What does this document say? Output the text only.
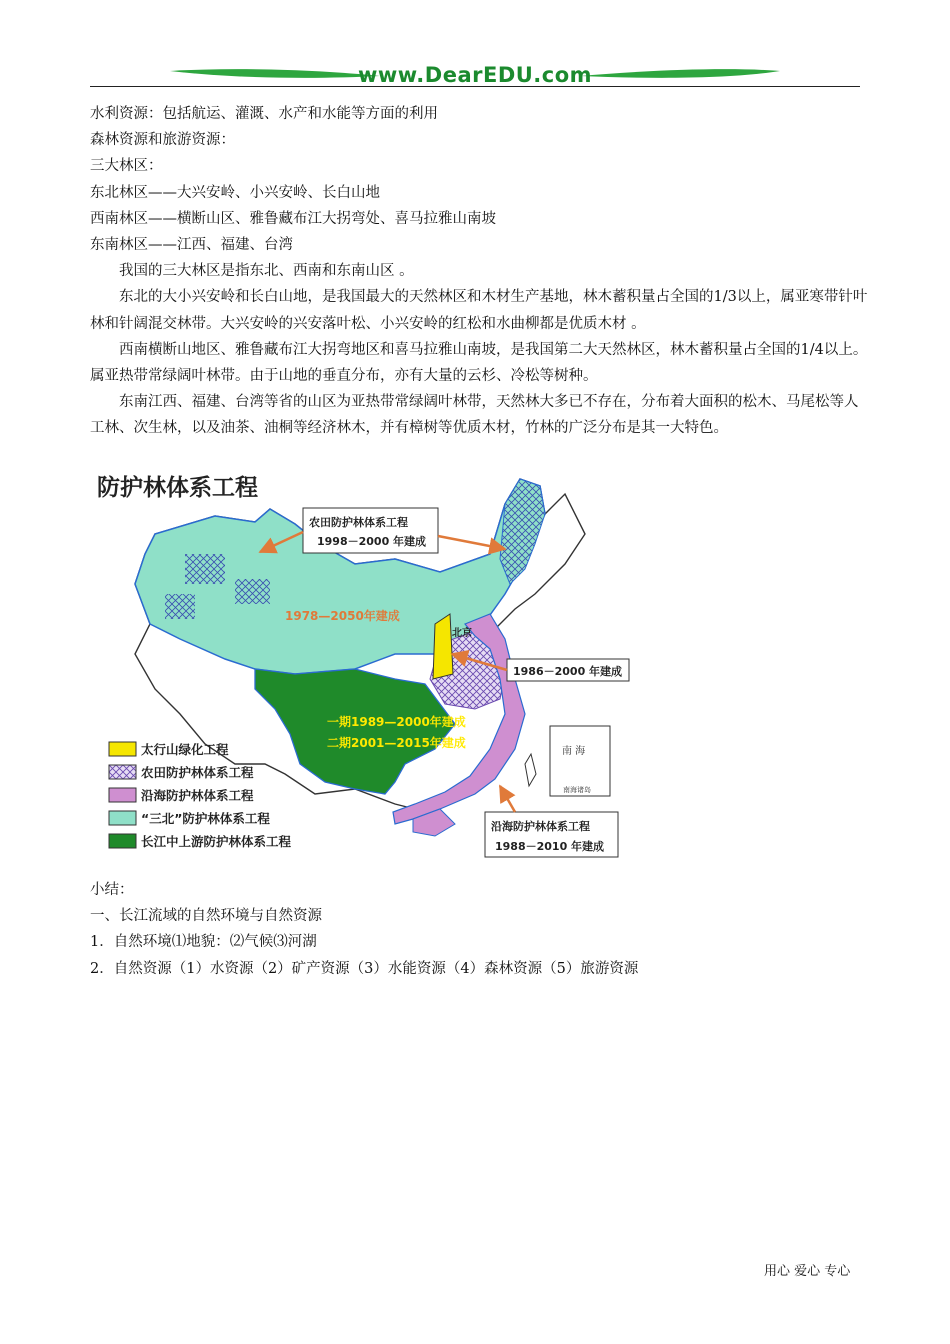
www.DearEDU.com

水利资源：包括航运、灌溉、水产和水能等方面的利用

森林资源和旅游资源：

三大林区：

东北林区——大兴安岭、小兴安岭、长白山地

西南林区——横断山区、雅鲁藏布江大拐弯处、喜马拉雅山南坡

东南林区——江西、福建、台湾

我国的三大林区是指东北、西南和东南山区 。

东北的大小兴安岭和长白山地，是我国最大的天然林区和木材生产基地，林木蓄积量占全国的1/3以上，属亚寒带针叶林和针阔混交林带。大兴安岭的兴安落叶松、小兴安岭的红松和水曲柳都是优质木材 。

西南横断山地区、雅鲁藏布江大拐弯地区和喜马拉雅山南坡，是我国第二大天然林区，林木蓄积量占全国的1/4以上。属亚热带常绿阔叶林带。由于山地的垂直分布，亦有大量的云杉、冷松等树种。

东南江西、福建、台湾等省的山区为亚热带常绿阔叶林带，天然林大多已不存在，分布着大面积的松木、马尾松等人工林、次生林，以及油茶、油桐等经济林木，并有樟树等优质木材，竹林的广泛分布是其一大特色。

防护林体系工程
南 海
南海诸岛
农田防护林体系工程
1998－2000 年建成
1978—2050年建成
北京
1986－2000 年建成
一期1989—2000年建成
二期2001—2015年建成
太行山绿化工程
农田防护林体系工程
沿海防护林体系工程
“三北”防护林体系工程
长江中上游防护林体系工程
沿海防护林体系工程
1988－2010 年建成

小结：

一、长江流域的自然环境与自然资源

1．自然环境⑴地貌：⑵气候⑶河湖

2．自然资源（1）水资源（2）矿产资源（3）水能资源（4）森林资源（5）旅游资源

用心 爱心 专心
